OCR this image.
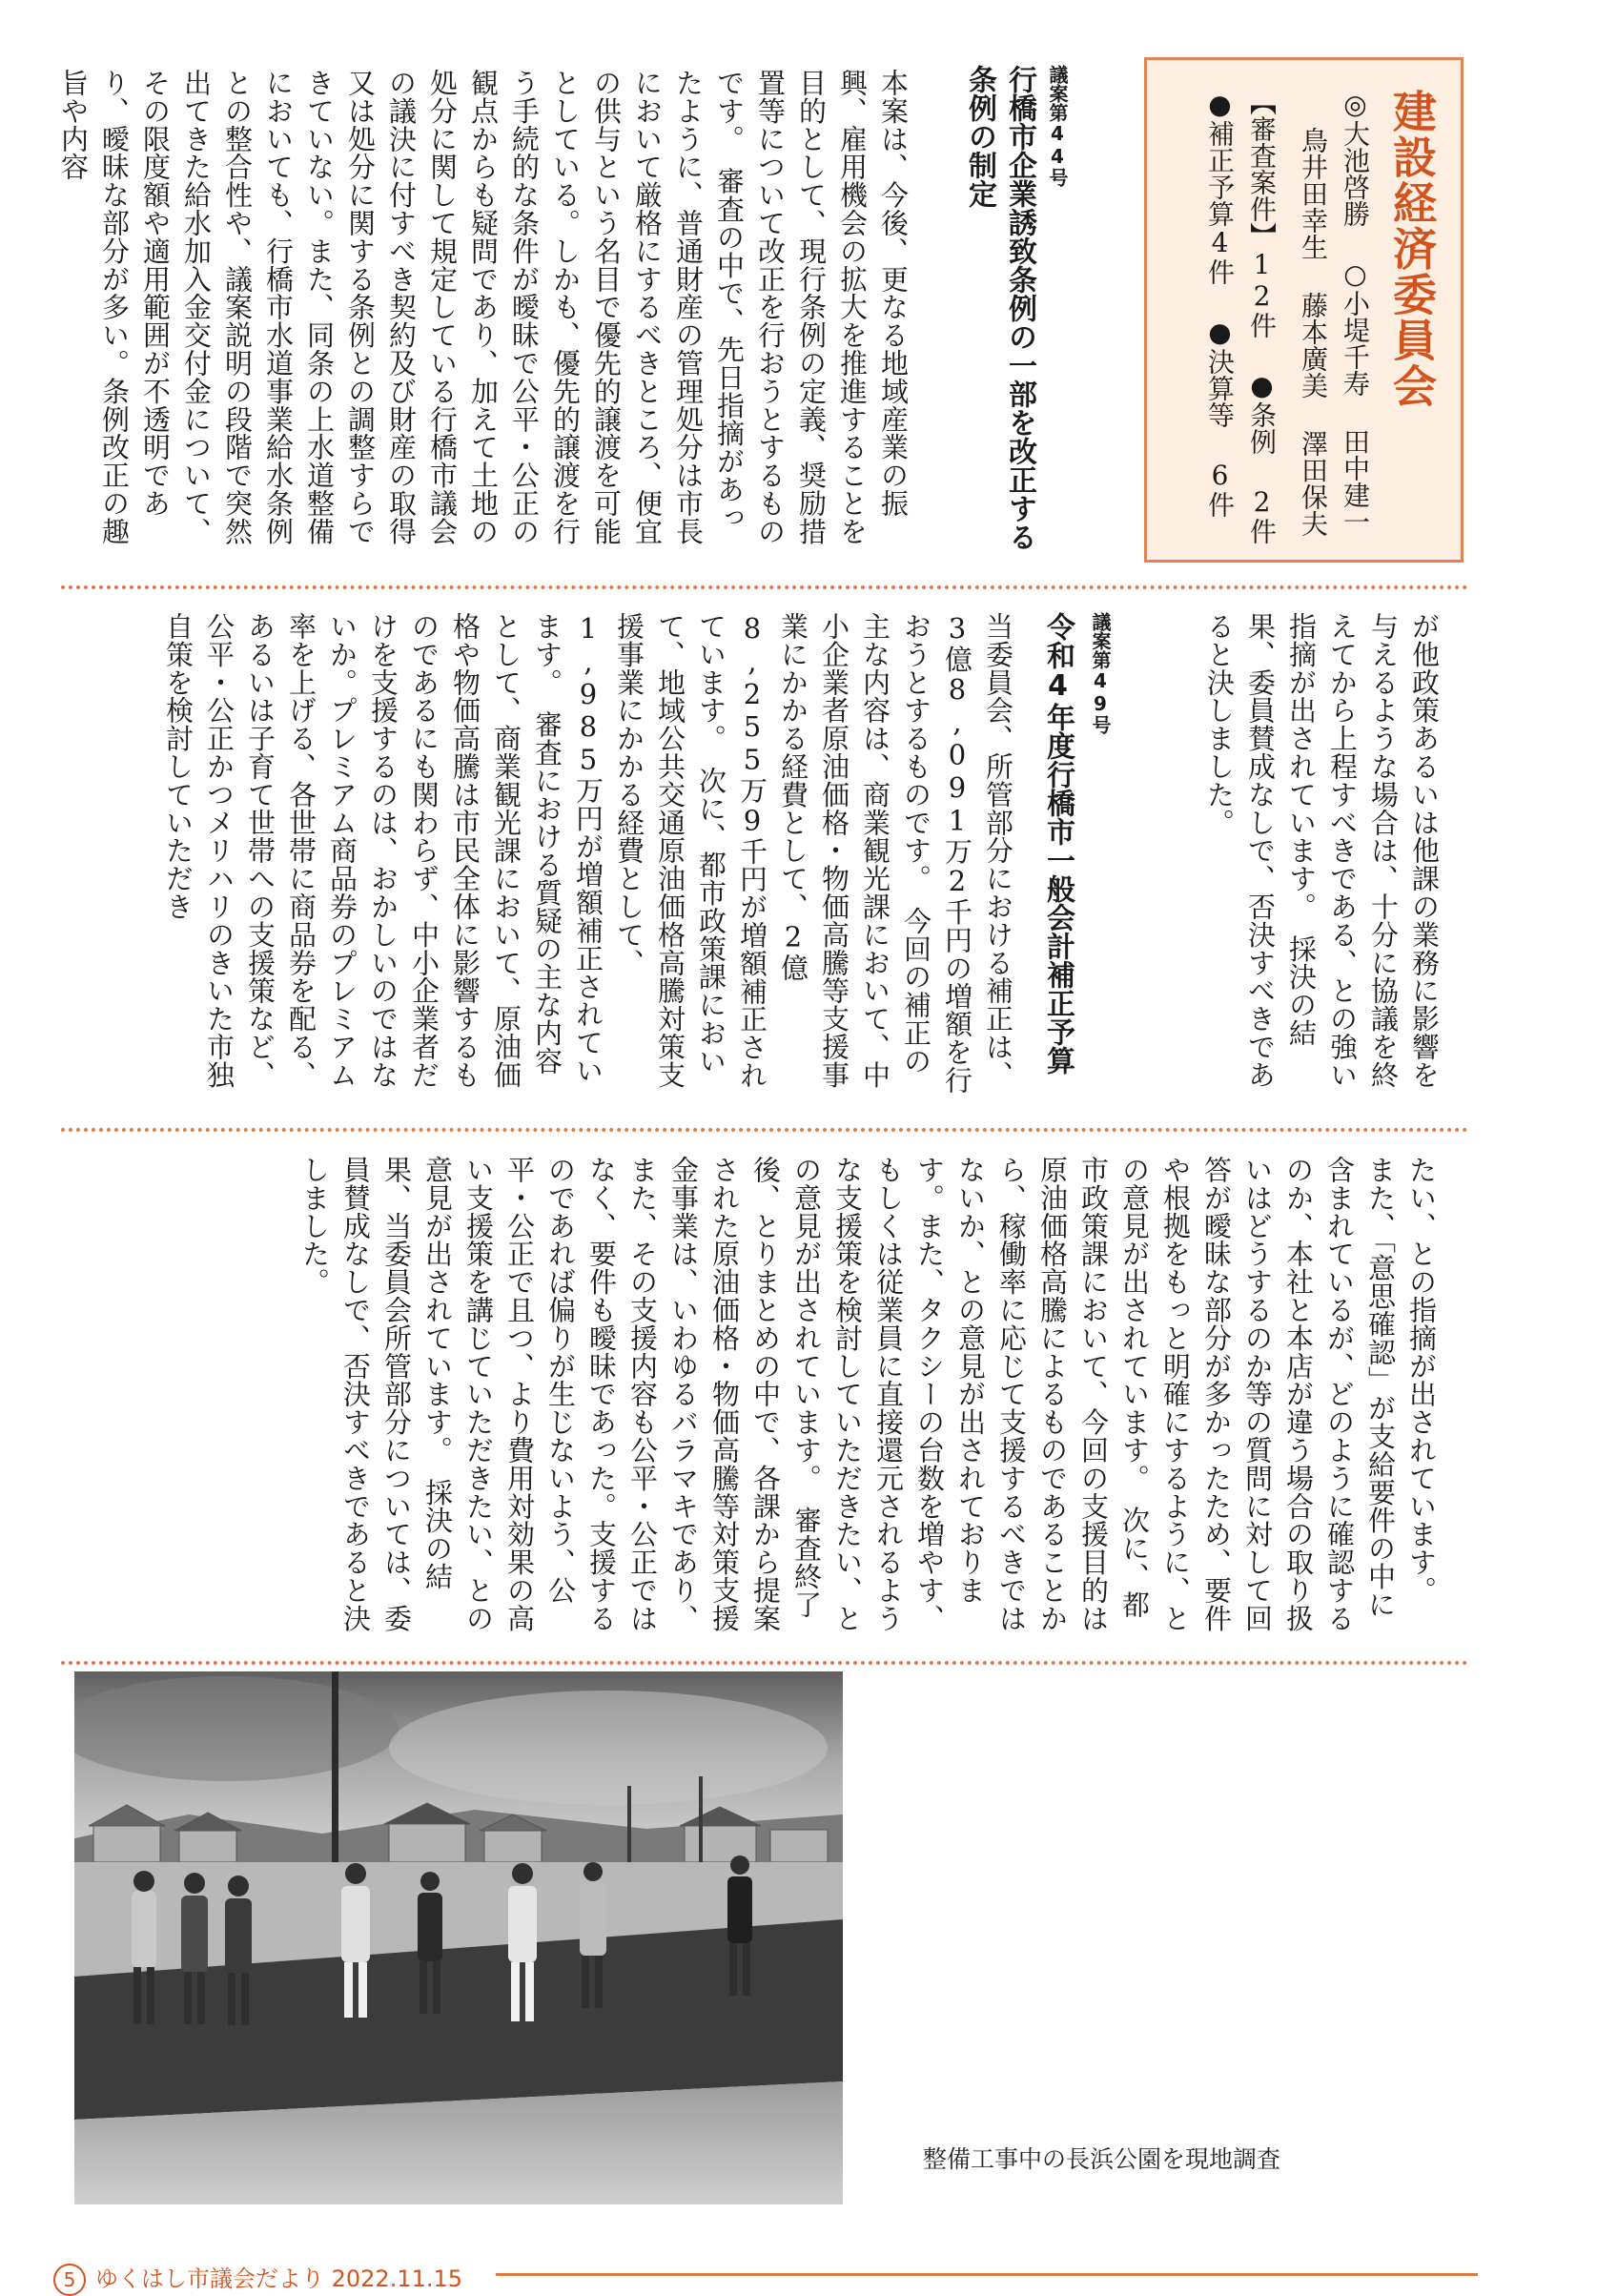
建設経済委員会
◎大池啓勝 ○小堤千寿 田中建一
鳥井田幸生 藤本廣美 澤田保夫
【審査案件】12件 ●条例 2件
●補正予算4件 ●決算等 6件
議案第44号
行橋市企業誘致条例の一部を改正する条例の制定
本案は、今後、更なる地域産業の振興、雇用機会の拡大を推進することを目的として、現行条例の定義、奨励措置等について改正を行おうとするものです。　審査の中で、先日指摘があったように、普通財産の管理処分は市長において厳格にするべきところ、便宜の供与という名目で優先的譲渡を可能としている。しかも、優先的譲渡を行う手続的な条件が曖昧で公平・公正の観点からも疑問であり、加えて土地の処分に関して規定している行橋市議会の議決に付すべき契約及び財産の取得又は処分に関する条例との調整すらできていない。また、同条の上水道整備においても、行橋市水道事業給水条例との整合性や、議案説明の段階で突然出てきた給水加入金交付金について、その限度額や適用範囲が不透明であり、曖昧な部分が多い。条例改正の趣旨や内容
が他政策あるいは他課の業務に影響を与えるような場合は、十分に協議を終えてから上程すべきである、との強い指摘が出されています。　採決の結果、委員賛成なしで、否決すべきであると決しました。
議案第49号
令和4年度行橋市一般会計補正予算
当委員会、所管部分における補正は、3億8,091万2千円の増額を行おうとするものです。　今回の補正の主な内容は、商業観光課において、中小企業者原油価格・物価高騰等支援事業にかかる経費として、2億8,255万9千円が増額補正されています。　次に、都市政策課において、地域公共交通原油価格高騰対策支援事業にかかる経費として、1,985万円が増額補正されています。　審査における質疑の主な内容として、商業観光課において、原油価格や物価高騰は市民全体に影響するものであるにも関わらず、中小企業者だけを支援するのは、おかしいのではないか。プレミアム商品券のプレミアム率を上げる、各世帯に商品券を配る、あるいは子育て世帯への支援策など、公平・公正かつメリハリのきいた市独自策を検討していただき
たい、との指摘が出されています。　また、「意思確認」が支給要件の中に含まれているが、どのように確認するのか、本社と本店が違う場合の取り扱いはどうするのか等の質問に対して回答が曖昧な部分が多かったため、要件や根拠をもっと明確にするように、との意見が出されています。　次に、都市政策課において、今回の支援目的は原油価格高騰によるものであることから、稼働率に応じて支援するべきではないか、との意見が出されておりま す。また、タクシーの台数を増やす、もしくは従業員に直接還元されるような支援策を検討していただきたい、との意見が出されています。　審査終了後、とりまとめの中で、各課から提案された原油価格・物価高騰等対策支援金事業は、いわゆるバラマキであり、また、その支援内容も公平・公正ではなく、要件も曖昧であった。支援するのであれば偏りが生じないよう、公平・公正で且つ、より費用対効果の高い支援策を講じていただきたい、との意見が出されています。　採決の結果、当委員会所管部分については、委員賛成なしで、否決すべきであると決しました。
整備工事中の長浜公園を現地調査
5 ゆくはし市議会だより 2022.11.15
